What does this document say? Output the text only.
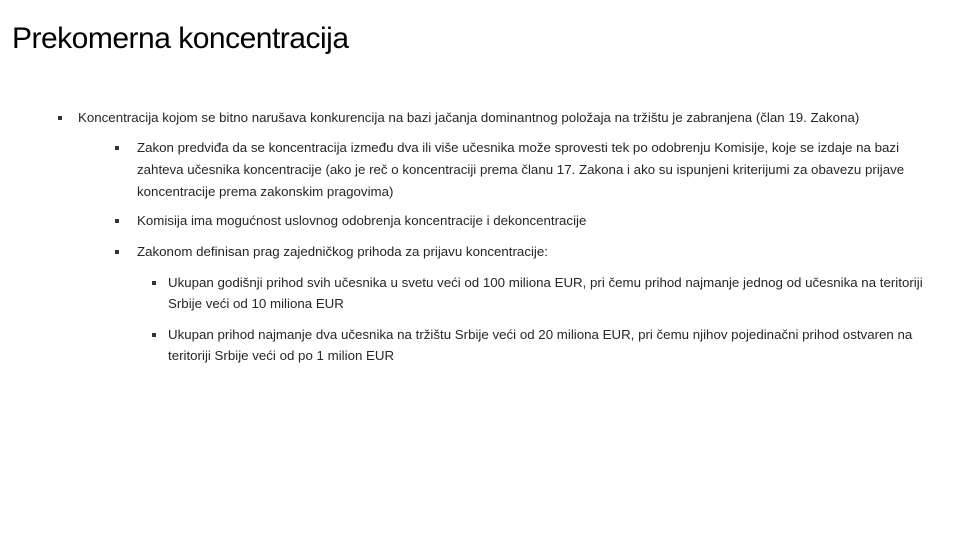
Prekomerna koncentracija
Koncentracija kojom se bitno narušava konkurencija na bazi jačanja dominantnog položaja na tržištu je zabranjena (član 19. Zakona)
Zakon predviđa da se koncentracija između dva ili više učesnika može sprovesti tek po odobrenju Komisije, koje se izdaje na bazi zahteva učesnika koncentracije (ako je reč o koncentraciji prema članu 17. Zakona i ako su ispunjeni kriterijumi za obavezu prijave koncentracije prema zakonskim pragovima)
Komisija ima mogućnost uslovnog odobrenja koncentracije i dekoncentracije
Zakonom definisan prag zajedničkog prihoda za prijavu koncentracije:
Ukupan godišnji prihod svih učesnika u svetu veći od 100 miliona EUR, pri čemu prihod najmanje jednog od učesnika na teritoriji Srbije veći od 10 miliona EUR
Ukupan prihod najmanje dva učesnika na tržištu Srbije veći od 20 miliona EUR, pri čemu njihov pojedinačni prihod ostvaren na teritoriji Srbije veći od po 1 milion EUR
